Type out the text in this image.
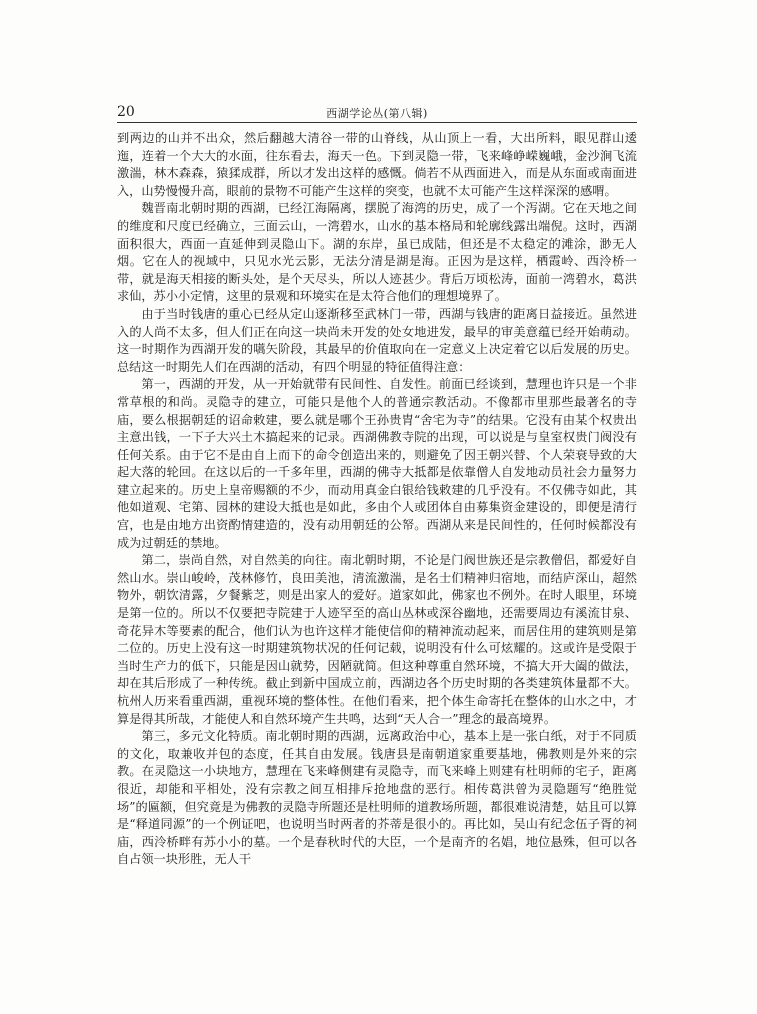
20	西湖学论丛(第八辑)

到两边的山并不出众，然后翻越大清谷一带的山脊线，从山顶上一看，大出所料，眼见群山逶迤，连着一个大大的水面，往东看去，海天一色。下到灵隐一带，飞来峰峥嵘巍峨，金沙涧飞流激湍，林木森森，猿猱成群，所以才发出这样的感慨。倘若不从西面进入，而是从东面或南面进入，山势慢慢升高，眼前的景物不可能产生这样的突变，也就不太可能产生这样深深的感喟。

魏晋南北朝时期的西湖，已经江海隔离，摆脱了海湾的历史，成了一个泻湖。它在天地之间的维度和尺度已经确立，三面云山，一湾碧水，山水的基本格局和轮廓线露出端倪。这时，西湖面积很大，西面一直延伸到灵隐山下。湖的东岸，虽已成陆，但还是不太稳定的滩涂，渺无人烟。它在人的视域中，只见水光云影，无法分清是湖是海。正因为是这样，栖霞岭、西泠桥一带，就是海天相接的断头处，是个天尽头，所以人迹甚少。背后万顷松涛，面前一湾碧水，葛洪求仙，苏小小定情，这里的景观和环境实在是太符合他们的理想境界了。

由于当时钱唐的重心已经从定山逐渐移至武林门一带，西湖与钱唐的距离日益接近。虽然进入的人尚不太多，但人们正在向这一块尚未开发的处女地进发，最早的审美意蕴已经开始萌动。这一时期作为西湖开发的嚆矢阶段，其最早的价值取向在一定意义上决定着它以后发展的历史。总结这一时期先人们在西湖的活动，有四个明显的特征值得注意：

第一，西湖的开发，从一开始就带有民间性、自发性。前面已经谈到，慧理也许只是一个非常草根的和尚。灵隐寺的建立，可能只是他个人的普通宗教活动。不像都市里那些最著名的寺庙，要么根据朝廷的诏命敕建，要么就是哪个王孙贵胄“舍宅为寺”的结果。它没有由某个权贵出主意出钱，一下子大兴土木搞起来的记录。西湖佛教寺院的出现，可以说是与皇室权贵门阀没有任何关系。由于它不是由自上而下的命令创造出来的，则避免了因王朝兴替、个人荣衰导致的大起大落的轮回。在这以后的一千多年里，西湖的佛寺大抵都是依靠僧人自发地动员社会力量努力建立起来的。历史上皇帝赐额的不少，而动用真金白银给钱敕建的几乎没有。不仅佛寺如此，其他如道观、宅第、园林的建设大抵也是如此，多由个人或团体自由募集资金建设的，即便是清行宫，也是由地方出资酌情建造的，没有动用朝廷的公帑。西湖从来是民间性的，任何时候都没有成为过朝廷的禁地。

第二，崇尚自然，对自然美的向往。南北朝时期，不论是门阀世族还是宗教僧侣，都爱好自然山水。崇山峻岭，茂林修竹，良田美池，清流激湍，是名士们精神归宿地，而结庐深山，超然物外，朝饮清露，夕餐紫芝，则是出家人的爱好。道家如此，佛家也不例外。在时人眼里，环境是第一位的。所以不仅要把寺院建于人迹罕至的高山丛林或深谷幽地，还需要周边有溪流甘泉、奇花异木等要素的配合，他们认为也许这样才能使信仰的精神流动起来，而居住用的建筑则是第二位的。历史上没有这一时期建筑物状况的任何记载，说明没有什么可炫耀的。这或许是受限于当时生产力的低下，只能是因山就势，因陋就简。但这种尊重自然环境，不搞大开大阖的做法，却在其后形成了一种传统。截止到新中国成立前，西湖边各个历史时期的各类建筑体量都不大。杭州人历来看重西湖，重视环境的整体性。在他们看来，把个体生命寄托在整体的山水之中，才算是得其所哉，才能使人和自然环境产生共鸣，达到“天人合一”理念的最高境界。

第三，多元文化特质。南北朝时期的西湖，远离政治中心，基本上是一张白纸，对于不同质的文化，取兼收并包的态度，任其自由发展。钱唐县是南朝道家重要基地，佛教则是外来的宗教。在灵隐这一小块地方，慧理在飞来峰侧建有灵隐寺，而飞来峰上则建有杜明师的宅子，距离很近，却能和平相处，没有宗教之间互相排斥抢地盘的恶行。相传葛洪曾为灵隐题写“绝胜觉场”的匾额，但究竟是为佛教的灵隐寺所题还是杜明师的道教场所题，都很难说清楚，姑且可以算是“释道同源”的一个例证吧，也说明当时两者的芥蒂是很小的。再比如，吴山有纪念伍子胥的祠庙，西泠桥畔有苏小小的墓。一个是春秋时代的大臣，一个是南齐的名娼，地位悬殊，但可以各自占领一块形胜，无人干
